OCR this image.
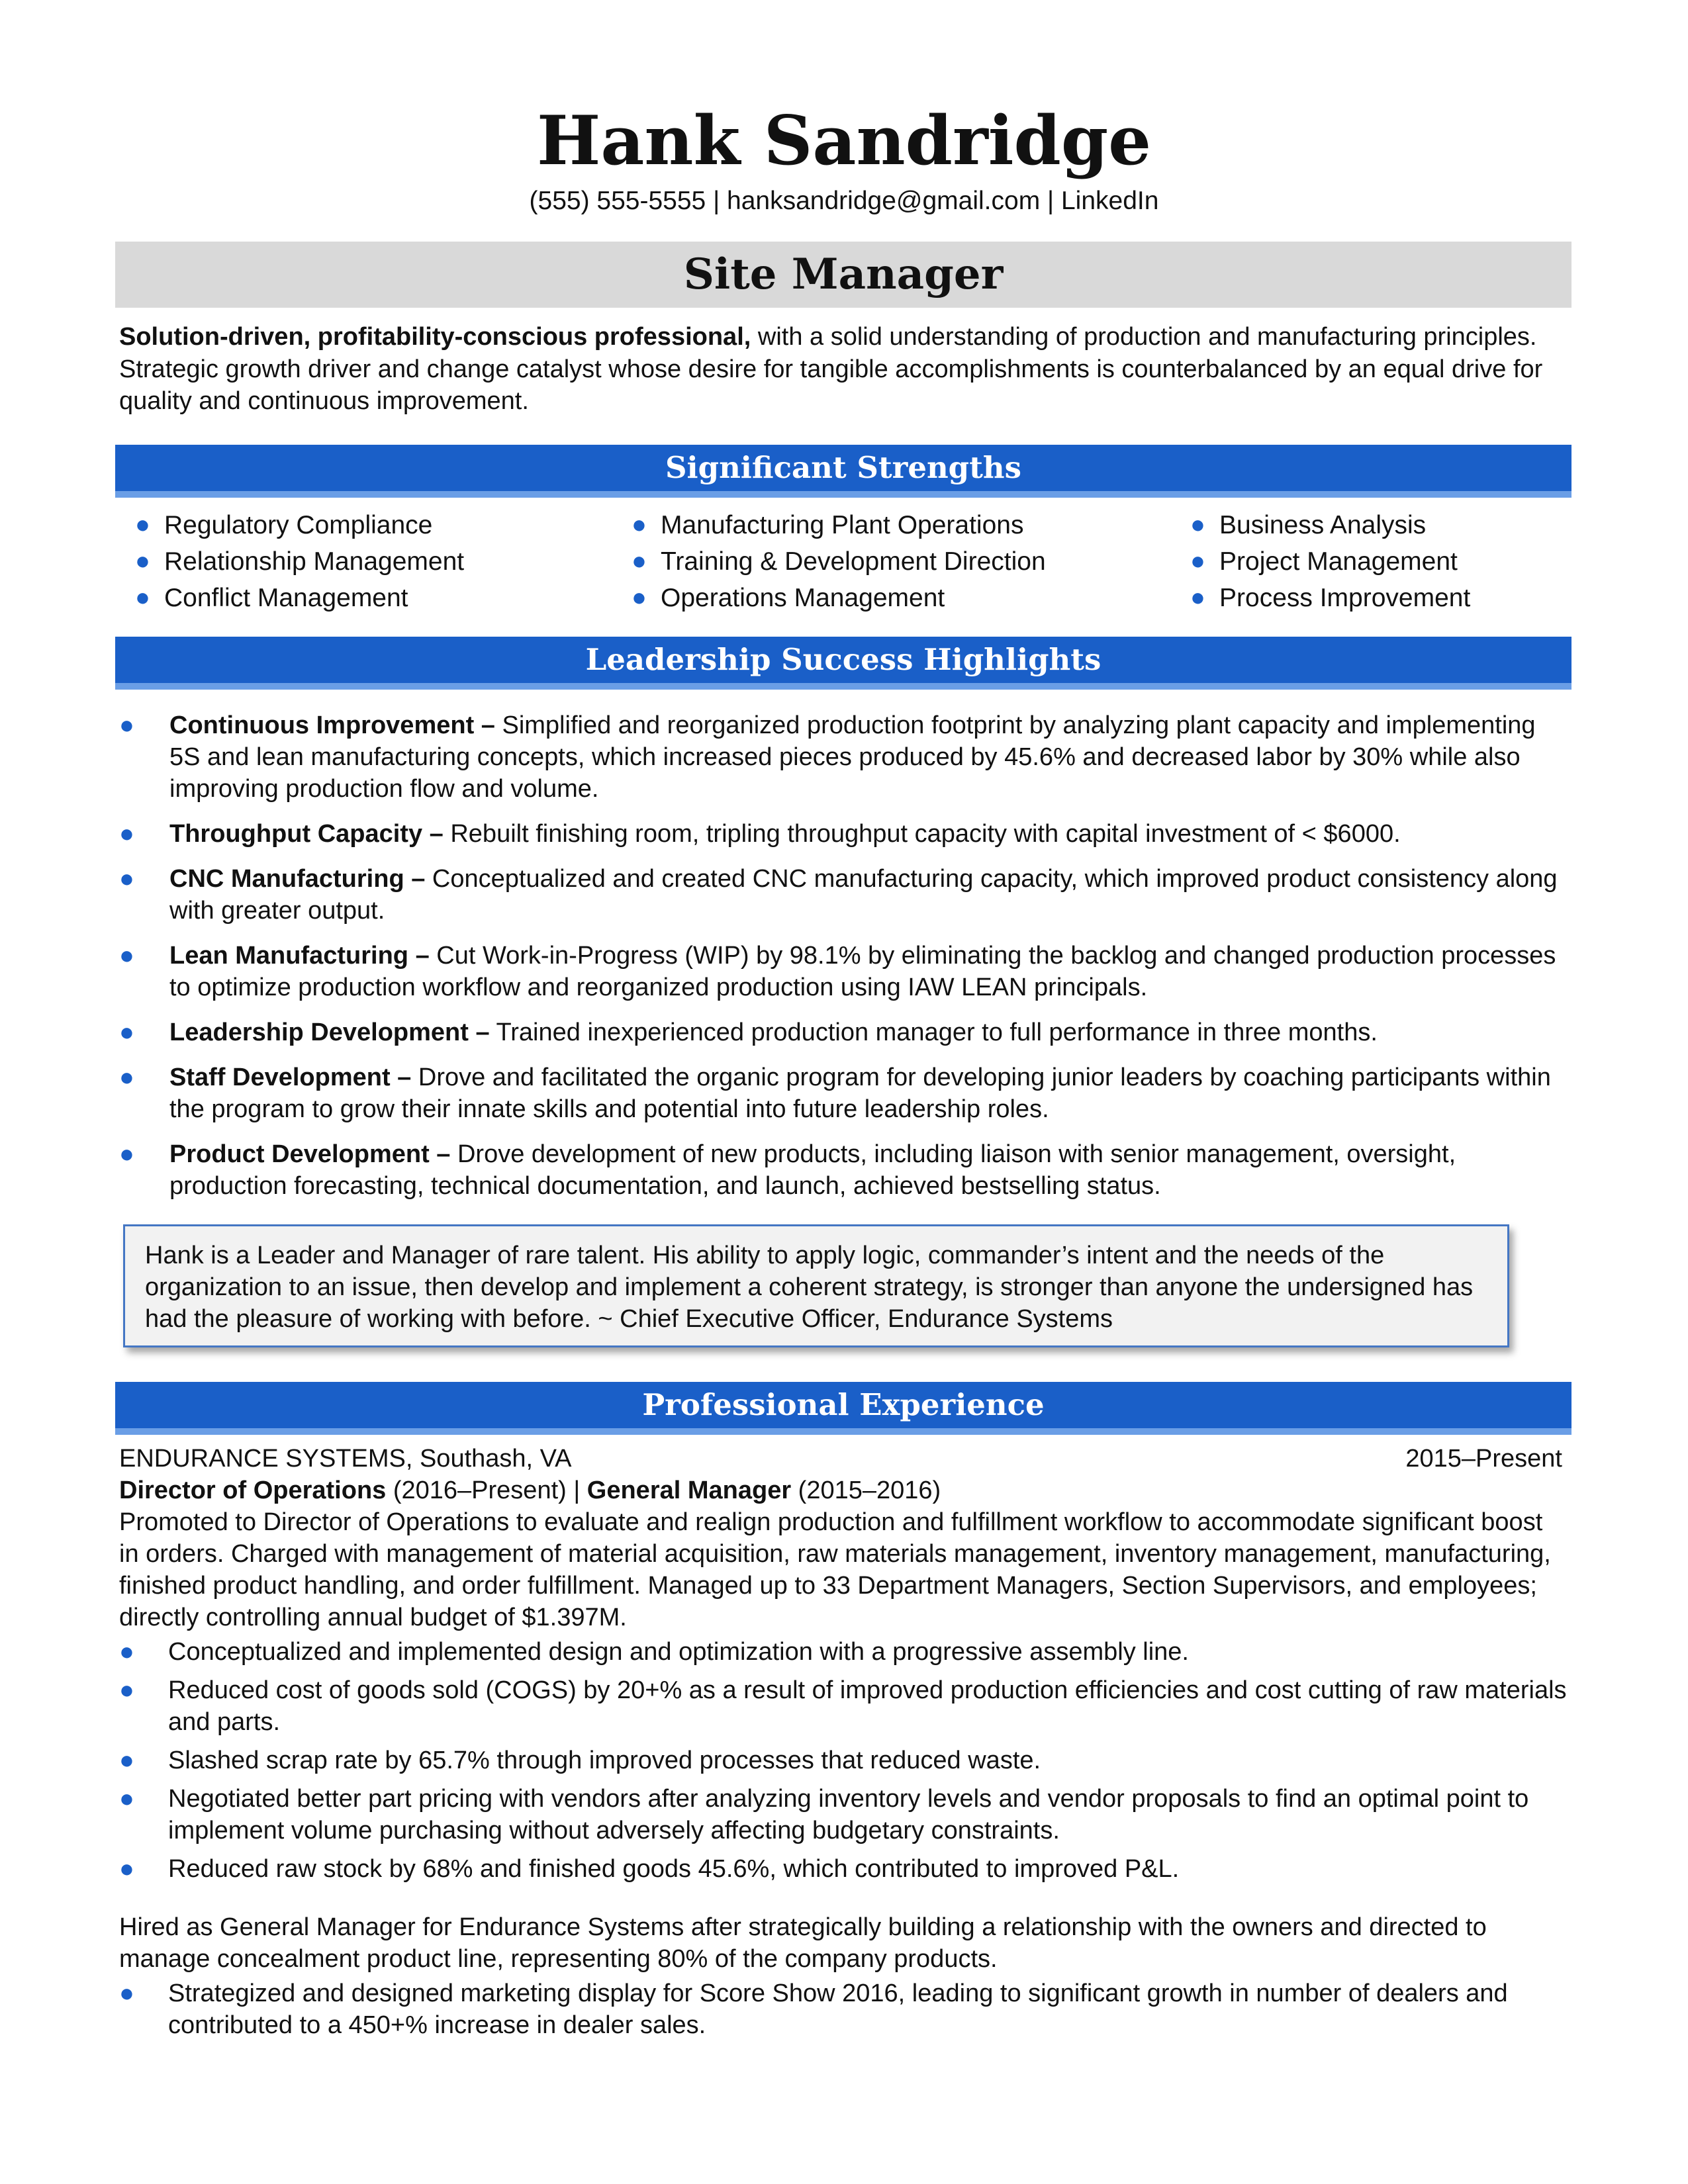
Hank Sandridge
(555) 555-5555 | hanksandridge@gmail.com | LinkedIn
Site Manager
Solution-driven, profitability-conscious professional, with a solid understanding of production and manufacturing principles. Strategic growth driver and change catalyst whose desire for tangible accomplishments is counterbalanced by an equal drive for quality and continuous improvement.
Significant Strengths
● Regulatory Compliance
● Relationship Management
● Conflict Management
● Manufacturing Plant Operations
● Training & Development Direction
● Operations Management
● Business Analysis
● Project Management
● Process Improvement
Leadership Success Highlights
● Continuous Improvement – Simplified and reorganized production footprint by analyzing plant capacity and implementing 5S and lean manufacturing concepts, which increased pieces produced by 45.6% and decreased labor by 30% while also improving production flow and volume.
● Throughput Capacity – Rebuilt finishing room, tripling throughput capacity with capital investment of < $6000.
● CNC Manufacturing – Conceptualized and created CNC manufacturing capacity, which improved product consistency along with greater output.
● Lean Manufacturing – Cut Work-in-Progress (WIP) by 98.1% by eliminating the backlog and changed production processes to optimize production workflow and reorganized production using IAW LEAN principals.
● Leadership Development – Trained inexperienced production manager to full performance in three months.
● Staff Development – Drove and facilitated the organic program for developing junior leaders by coaching participants within the program to grow their innate skills and potential into future leadership roles.
● Product Development – Drove development of new products, including liaison with senior management, oversight, production forecasting, technical documentation, and launch, achieved bestselling status.
Hank is a Leader and Manager of rare talent. His ability to apply logic, commander’s intent and the needs of the organization to an issue, then develop and implement a coherent strategy, is stronger than anyone the undersigned has had the pleasure of working with before. ~ Chief Executive Officer, Endurance Systems
Professional Experience
ENDURANCE SYSTEMS, Southash, VA	2015–Present
Director of Operations (2016–Present) | General Manager (2015–2016)

Promoted to Director of Operations to evaluate and realign production and fulfillment workflow to accommodate significant boost in orders. Charged with management of material acquisition, raw materials management, inventory management, manufacturing, finished product handling, and order fulfillment. Managed up to 33 Department Managers, Section Supervisors, and employees; directly controlling annual budget of $1.397M.

● Conceptualized and implemented design and optimization with a progressive assembly line.
● Reduced cost of goods sold (COGS) by 20+% as a result of improved production efficiencies and cost cutting of raw materials and parts.
● Slashed scrap rate by 65.7% through improved processes that reduced waste.
● Negotiated better part pricing with vendors after analyzing inventory levels and vendor proposals to find an optimal point to implement volume purchasing without adversely affecting budgetary constraints.
● Reduced raw stock by 68% and finished goods 45.6%, which contributed to improved P&L.

Hired as General Manager for Endurance Systems after strategically building a relationship with the owners and directed to manage concealment product line, representing 80% of the company products.

● Strategized and designed marketing display for Score Show 2016, leading to significant growth in number of dealers and contributed to a 450+% increase in dealer sales.
